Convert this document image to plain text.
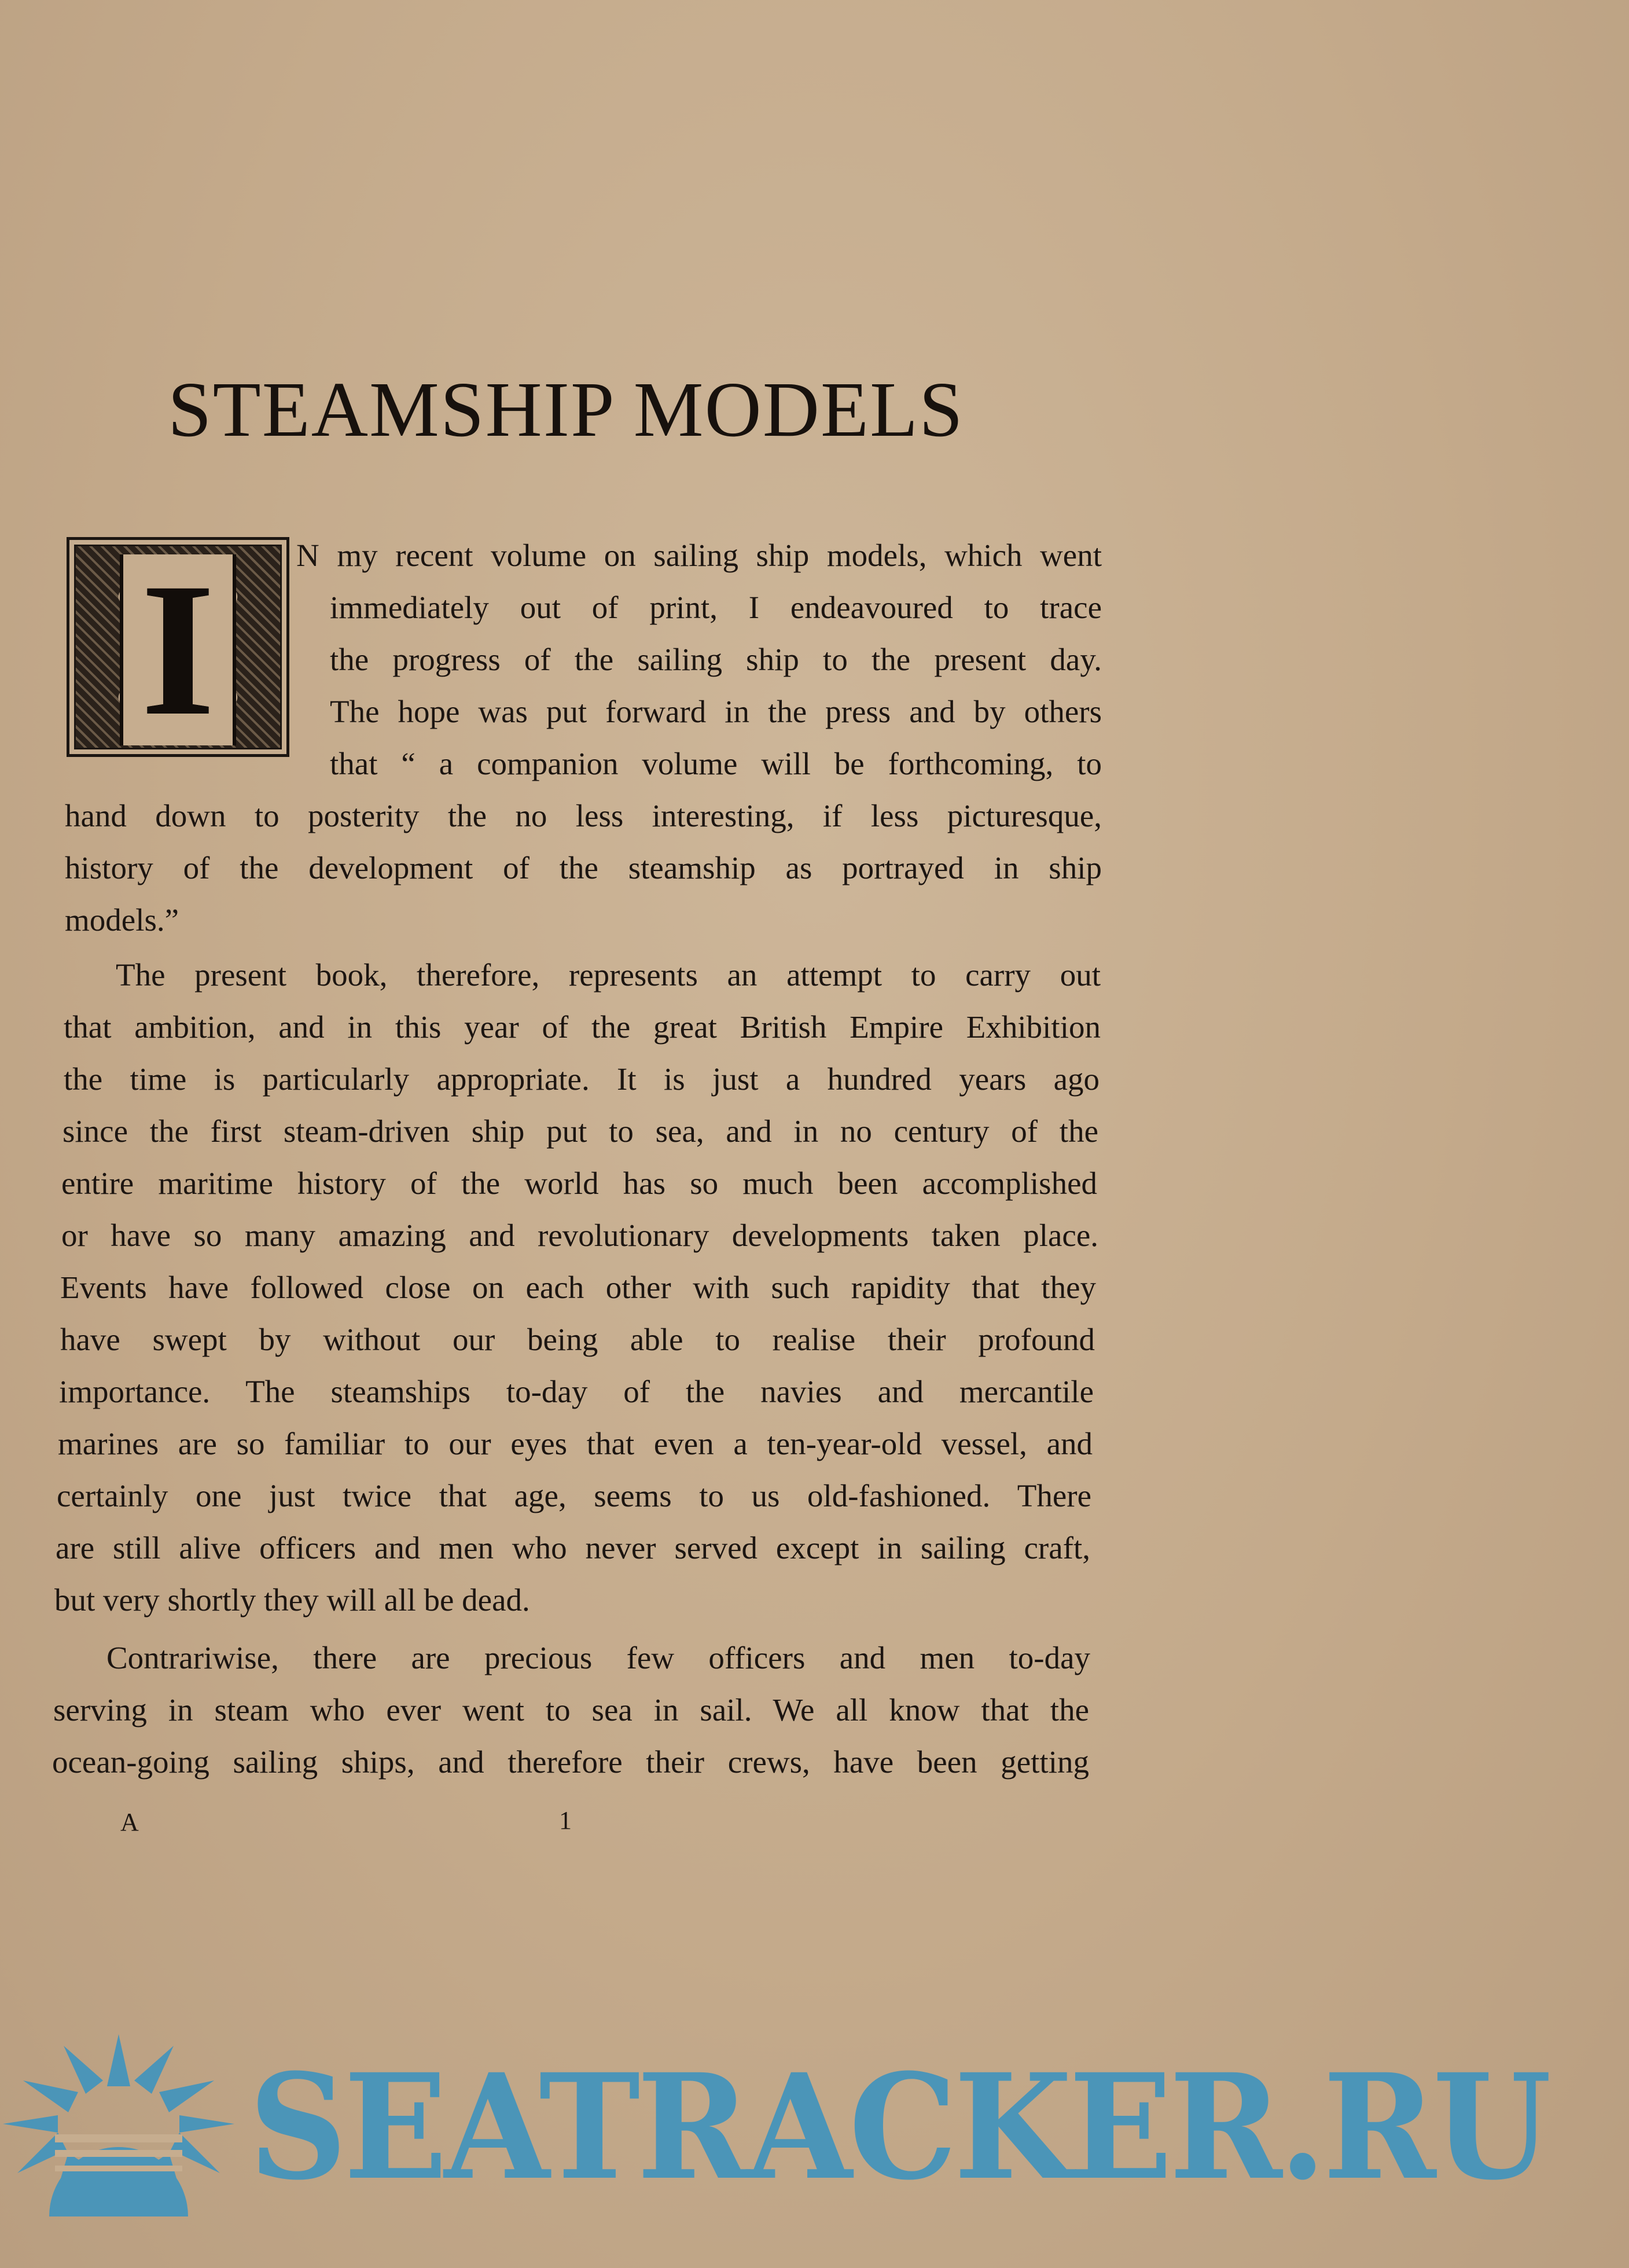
STEAMSHIP MODELS
I	N my recent volume on sailing ship models, which went
immediately out of print, I endeavoured to trace
the progress of the sailing ship to the present day.
The hope was put forward in the press and by others
that “ a companion volume will be forthcoming, to
hand down to posterity the no less interesting, if less picturesque,
history of the development of the steamship as portrayed in ship
models.”
The present book, therefore, represents an attempt to carry out
that ambition, and in this year of the great British Empire Exhibition
the time is particularly appropriate. It is just a hundred years ago
since the first steam-driven ship put to sea, and in no century of the
entire maritime history of the world has so much been accomplished
or have so many amazing and revolutionary developments taken place.
Events have followed close on each other with such rapidity that they
have swept by without our being able to realise their profound
importance. The steamships to-day of the navies and mercantile
marines are so familiar to our eyes that even a ten-year-old vessel, and
certainly one just twice that age, seems to us old-fashioned. There
are still alive officers and men who never served except in sailing craft,
but very shortly they will all be dead.
Contrariwise, there are precious few officers and men to-day
serving in steam who ever went to sea in sail. We all know that the
ocean-going sailing ships, and therefore their crews, have been getting
A	1
SEATRACKER.RU
